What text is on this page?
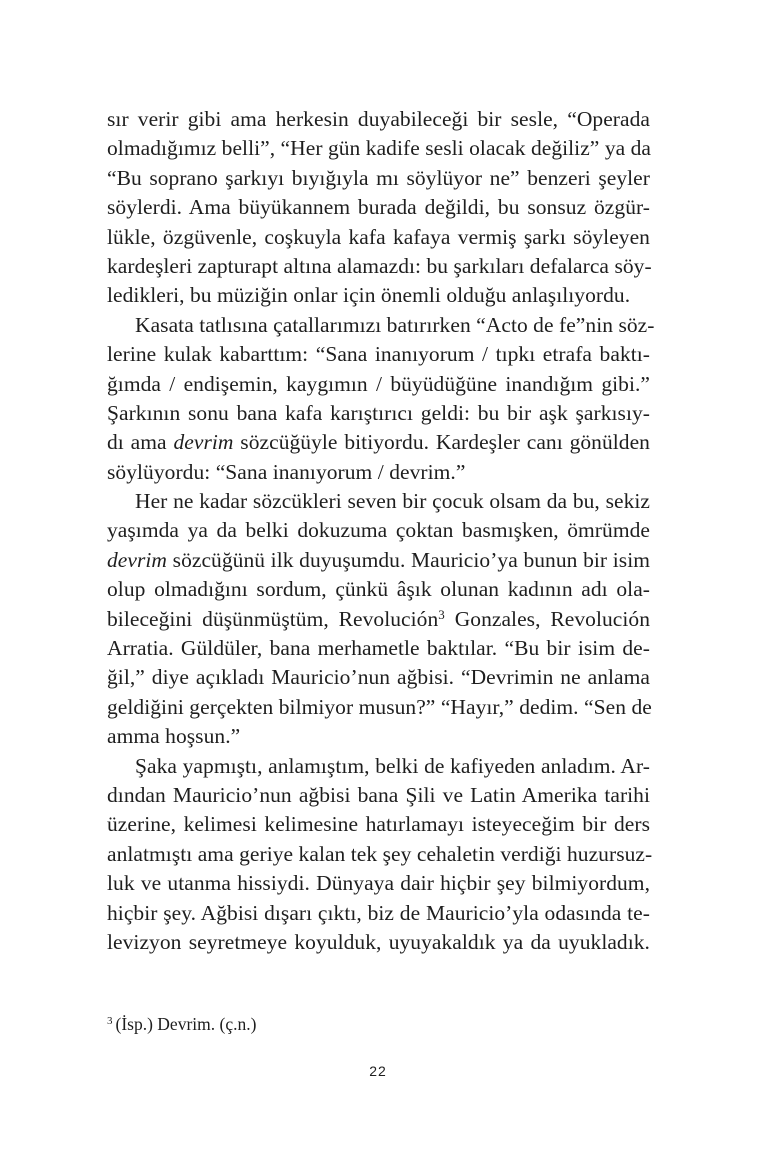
sır verir gibi ama herkesin duyabileceği bir sesle, “Operada
olmadığımız belli”, “Her gün kadife sesli olacak değiliz” ya da
“Bu soprano şarkıyı bıyığıyla mı söylüyor ne” benzeri şeyler
söylerdi. Ama büyükannem burada değildi, bu sonsuz özgür-
lükle, özgüvenle, coşkuyla kafa kafaya vermiş şarkı söyleyen
kardeşleri zapturapt altına alamazdı: bu şarkıları defalarca söy-
ledikleri, bu müziğin onlar için önemli olduğu anlaşılıyordu.
Kasata tatlısına çatallarımızı batırırken “Acto de fe”nin söz-
lerine kulak kabarttım: “Sana inanıyorum / tıpkı etrafa baktı-
ğımda / endişemin, kaygımın / büyüdüğüne inandığım gibi.”
Şarkının sonu bana kafa karıştırıcı geldi: bu bir aşk şarkısıy-
dı ama devrim sözcüğüyle bitiyordu. Kardeşler canı gönülden
söylüyordu: “Sana inanıyorum / devrim.”
Her ne kadar sözcükleri seven bir çocuk olsam da bu, sekiz
yaşımda ya da belki dokuzuma çoktan basmışken, ömrümde
devrim sözcüğünü ilk duyuşumdu. Mauricio’ya bunun bir isim
olup olmadığını sordum, çünkü âşık olunan kadının adı ola-
bileceğini düşünmüştüm, Revolución$^3$ Gonzales, Revolución
Arratia. Güldüler, bana merhametle baktılar. “Bu bir isim de-
ğil,” diye açıkladı Mauricio’nun ağbisi. “Devrimin ne anlama
geldiğini gerçekten bilmiyor musun?” “Hayır,” dedim. “Sen de
amma hoşsun.”
Şaka yapmıştı, anlamıştım, belki de kafiyeden anladım. Ar-
dından Mauricio’nun ağbisi bana Şili ve Latin Amerika tarihi
üzerine, kelimesi kelimesine hatırlamayı isteyeceğim bir ders
anlatmıştı ama geriye kalan tek şey cehaletin verdiği huzursuz-
luk ve utanma hissiydi. Dünyaya dair hiçbir şey bilmiyordum,
hiçbir şey. Ağbisi dışarı çıktı, biz de Mauricio’yla odasında te-
levizyon seyretmeye koyulduk, uyuyakaldık ya da uyukladık.
$^3$ (İsp.) Devrim. (ç.n.)
22
